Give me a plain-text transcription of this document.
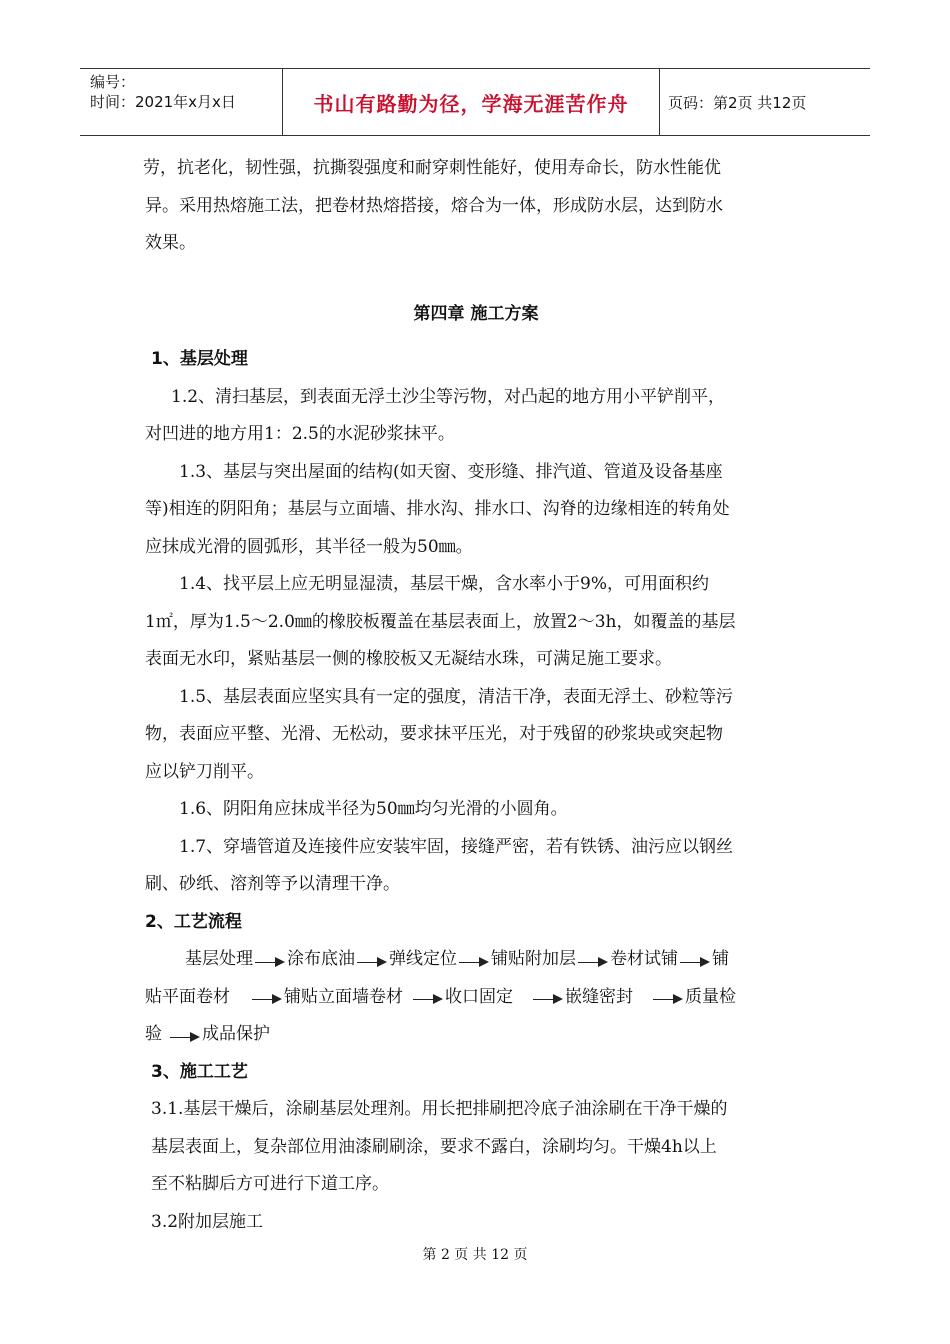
编号：
时间：2021年x月x日	书山有路勤为径，学海无涯苦作舟	页码：第2页 共12页

劳，抗老化，韧性强，抗撕裂强度和耐穿刺性能好，使用寿命长，防水性能优

异。采用热熔施工法，把卷材热熔搭接，熔合为一体，形成防水层，达到防水

效果。

第四章 施工方案

1、基层处理

1.2、清扫基层，到表面无浮土沙尘等污物，对凸起的地方用小平铲削平，

对凹进的地方用1：2.5的水泥砂浆抹平。

1.3、基层与突出屋面的结构(如天窗、变形缝、排汽道、管道及设备基座

等)相连的阴阳角；基层与立面墙、排水沟、排水口、沟脊的边缘相连的转角处

应抹成光滑的圆弧形，其半径一般为50㎜。

1.4、找平层上应无明显湿渍，基层干燥，含水率小于9%，可用面积约

1㎡，厚为1.5～2.0㎜的橡胶板覆盖在基层表面上，放置2～3h，如覆盖的基层

表面无水印，紧贴基层一侧的橡胶板又无凝结水珠，可满足施工要求。

1.5、基层表面应坚实具有一定的强度，清洁干净，表面无浮土、砂粒等污

物，表面应平整、光滑、无松动，要求抹平压光，对于残留的砂浆块或突起物

应以铲刀削平。

1.6、阴阳角应抹成半径为50㎜均匀光滑的小圆角。

1.7、穿墙管道及连接件应安装牢固，接缝严密，若有铁锈、油污应以钢丝

刷、砂纸、溶剂等予以清理干净。

2、工艺流程

基层处理 涂布底油 弹线定位 铺贴附加层 卷材试铺 铺

贴平面卷材	铺贴立面墙卷材 收口固定	嵌缝密封	质量检

验 成品保护

3、施工工艺

3.1.基层干燥后，涂刷基层处理剂。用长把排刷把冷底子油涂刷在干净干燥的

基层表面上，复杂部位用油漆刷刷涂，要求不露白，涂刷均匀。干燥4h以上

至不粘脚后方可进行下道工序。

3.2附加层施工

第 2 页 共 12 页
